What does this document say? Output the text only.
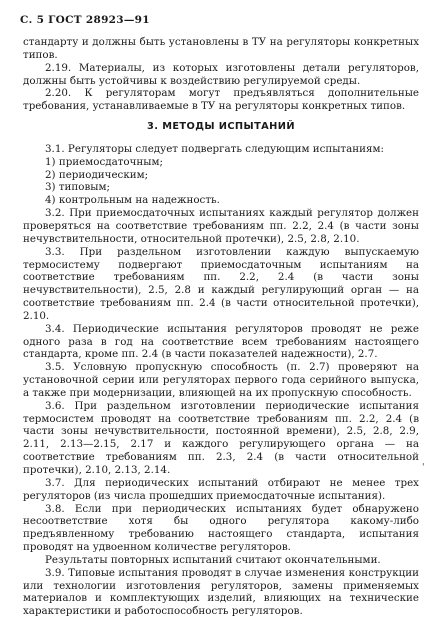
С. 5 ГОСТ 28923—91

стандарту и должны быть установлены в ТУ на регуляторы конкретных типов.

2.19. Материалы, из которых изготовлены детали регуляторов, должны быть устойчивы к воздействию регулируемой среды.

2.20. К регуляторам могут предъявляться дополнительные требования, устанавливаемые в ТУ на регуляторы конкретных типов.

3. МЕТОДЫ ИСПЫТАНИЙ

3.1. Регуляторы следует подвергать следующим испытаниям:

1) приемосдаточным;

2) периодическим;

3) типовым;

4) контрольным на надежность.

3.2. При приемосдаточных испытаниях каждый регулятор должен проверяться на соответствие требованиям пп. 2.2, 2.4 (в части зоны нечувствительности, относительной протечки), 2.5, 2.8, 2.10.

3.3. При раздельном изготовлении каждую выпускаемую термосистему подвергают приемосдаточным испытаниям на соответствие требованиям пп. 2.2, 2.4 (в части зоны нечувствительности), 2.5, 2.8 и каждый регулирующий орган — на соответствие требованиям пп. 2.4 (в части относительной протечки), 2.10.

3.4. Периодические испытания регуляторов проводят не реже одного раза в год на соответствие всем требованиям настоящего стандарта, кроме пп. 2.4 (в части показателей надежности), 2.7.

3.5. Условную пропускную способность (п. 2.7) проверяют на установочной серии или регуляторах первого года серийного выпуска, а также при модернизации, влияющей на их пропускную способность.

3.6. При раздельном изготовлении периодические испытания термосистем проводят на соответствие требованиям пп. 2.2, 2.4 (в части зоны нечувствительности, постоянной времени), 2.5, 2.8, 2.9, 2.11, 2.13—2.15, 2.17 и каждого регулирующего органа — на соответствие требованиям пп. 2.3, 2.4 (в части относительной протечки), 2.10, 2.13, 2.14.

3.7. Для периодических испытаний отбирают не менее трех регуляторов (из числа прошедших приемосдаточные испытания).

3.8. Если при периодических испытаниях будет обнаружено несоответствие хотя бы одного регулятора какому-либо предъявленному требованию настоящего стандарта, испытания проводят на удвоенном количестве регуляторов.

Результаты повторных испытаний считают окончательными.

3.9. Типовые испытания проводят в случае изменения конструкции или технологии изготовления регуляторов, замены применяемых материалов и комплектующих изделий, влияющих на технические характеристики и работоспособность регуляторов.

'
